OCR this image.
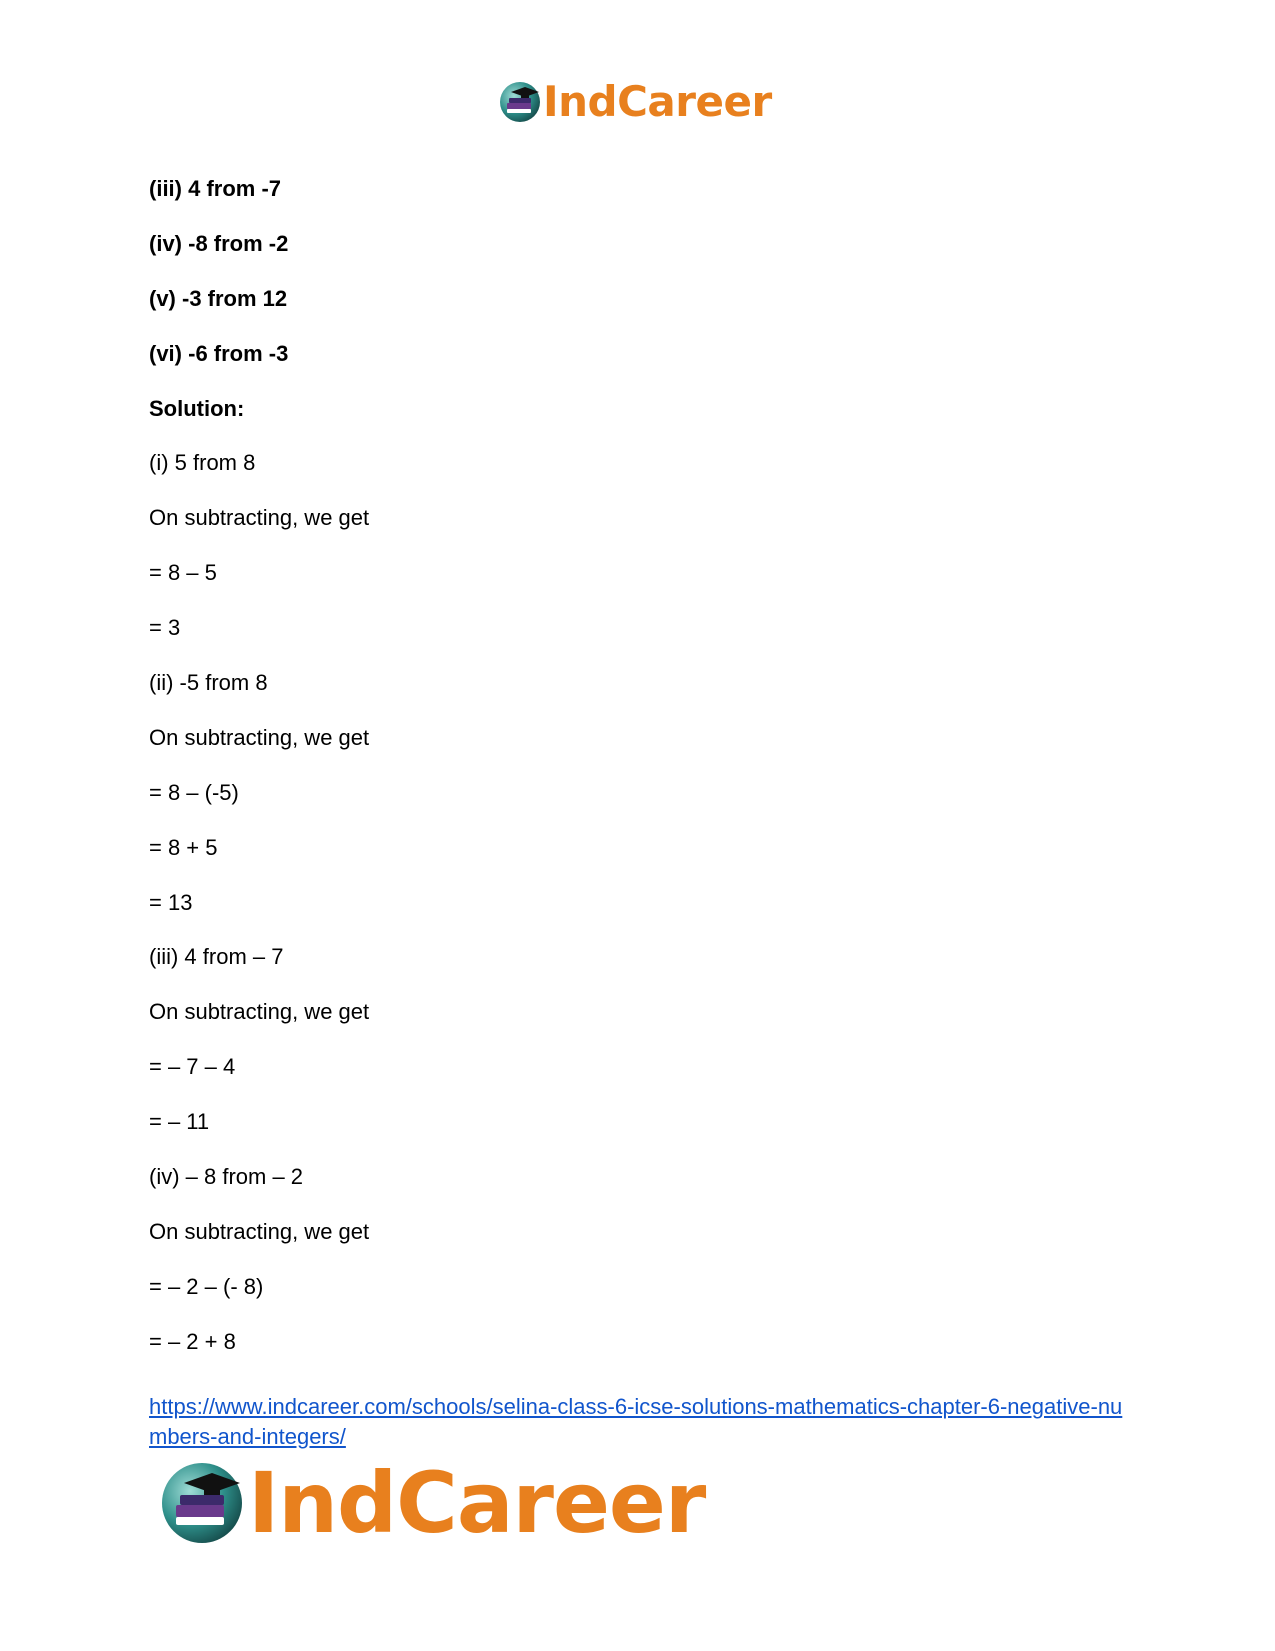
IndCareer
(iii) 4 from -7
(iv) -8 from -2
(v) -3 from 12
(vi) -6 from -3
Solution:
(i) 5 from 8
On subtracting, we get
= 8 – 5
= 3
(ii) -5 from 8
On subtracting, we get
= 8 – (-5)
= 8 + 5
= 13
(iii) 4 from – 7
On subtracting, we get
= – 7 – 4
= – 11
(iv) – 8 from – 2
On subtracting, we get
= – 2 – (- 8)
= – 2 + 8
https://www.indcareer.com/schools/selina-class-6-icse-solutions-mathematics-chapter-6-negative-numbers-and-integers/
IndCareer
